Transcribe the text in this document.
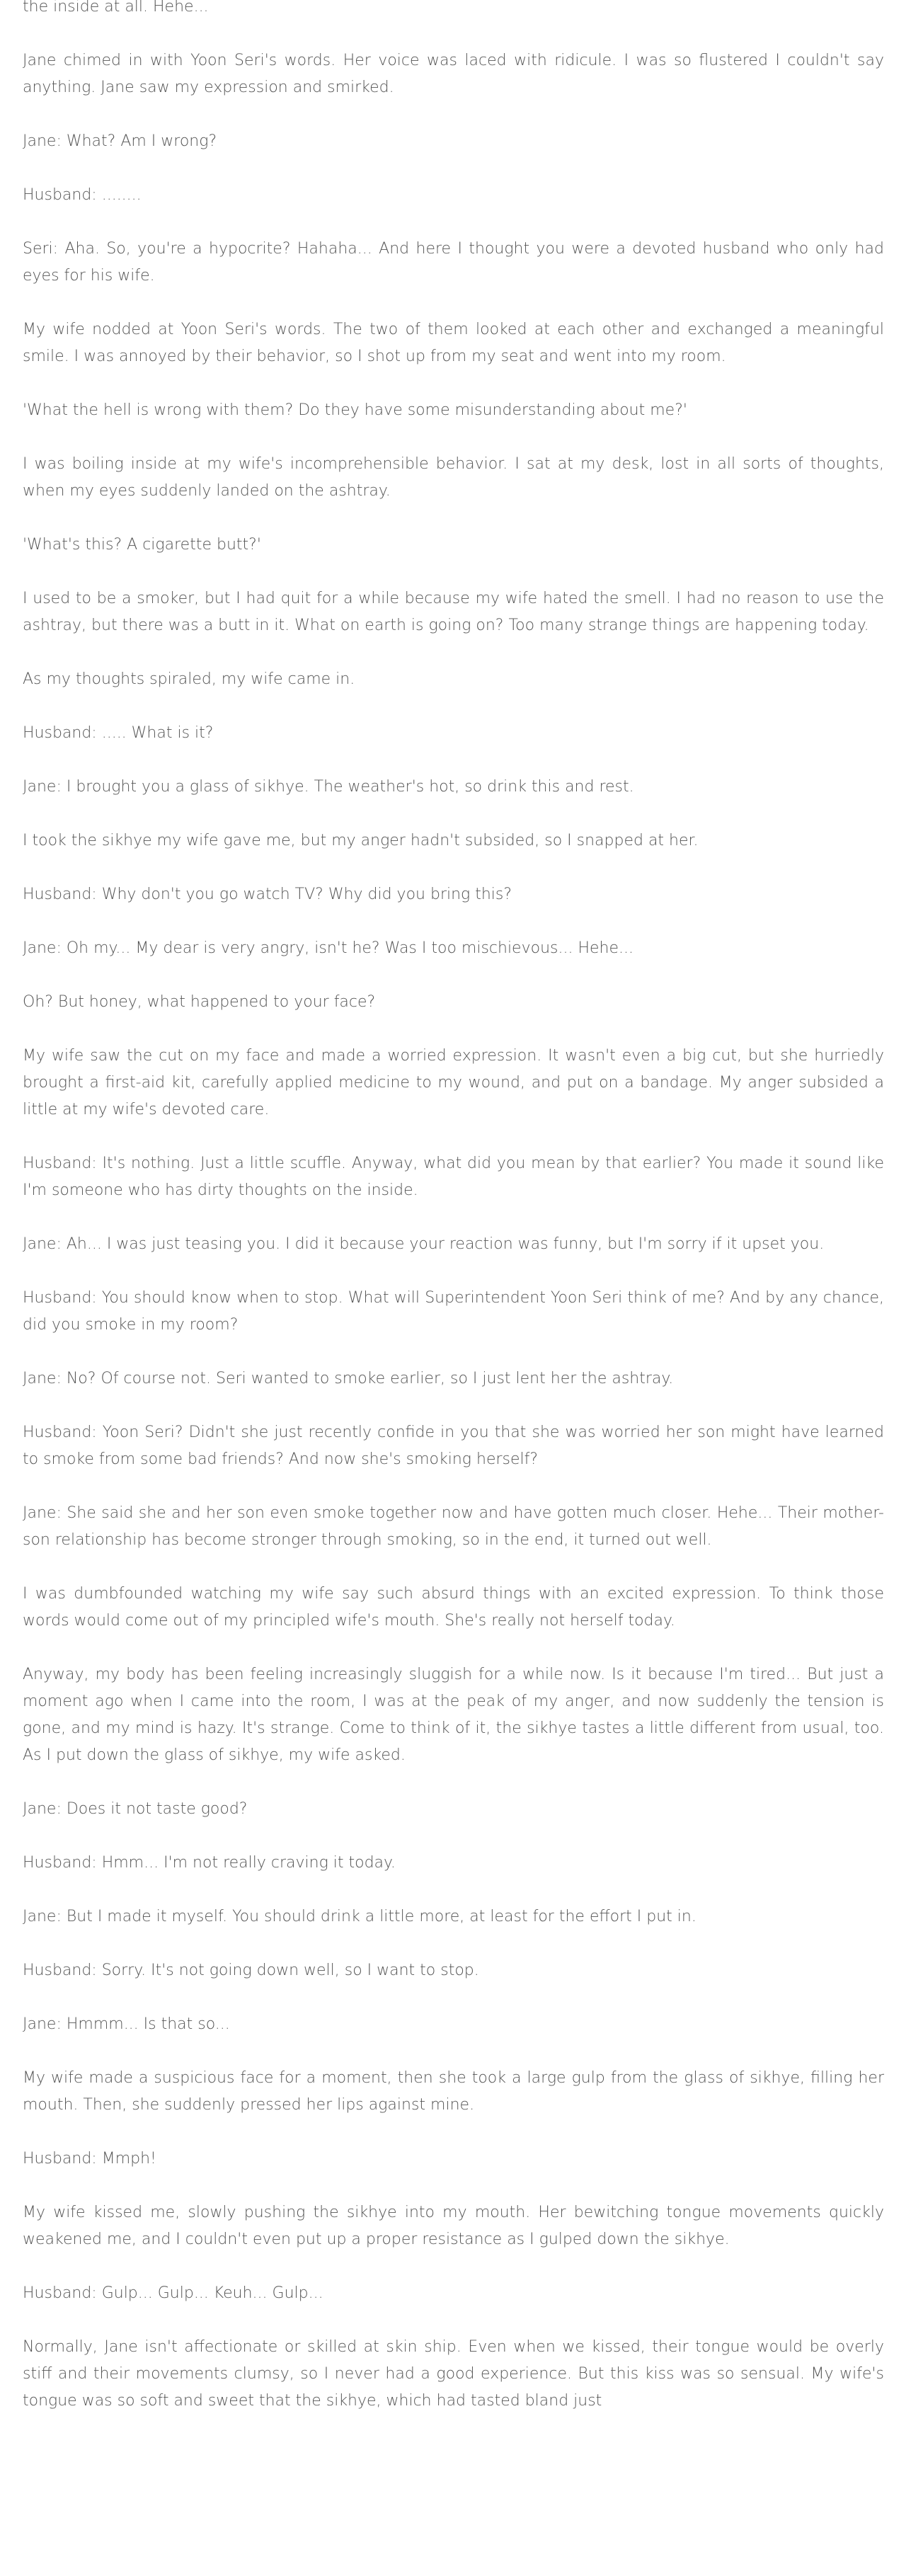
the inside at all. Hehe...

Jane chimed in with Yoon Seri's words. Her voice was laced with ridicule. I was so flustered I couldn't say anything. Jane saw my expression and smirked.

Jane: What? Am I wrong?

Husband: ........

Seri: Aha. So, you're a hypocrite? Hahaha... And here I thought you were a devoted husband who only had eyes for his wife.

My wife nodded at Yoon Seri's words. The two of them looked at each other and exchanged a meaningful smile. I was annoyed by their behavior, so I shot up from my seat and went into my room.

'What the hell is wrong with them? Do they have some misunderstanding about me?'

I was boiling inside at my wife's incomprehensible behavior. I sat at my desk, lost in all sorts of thoughts, when my eyes suddenly landed on the ashtray.

'What's this? A cigarette butt?'

I used to be a smoker, but I had quit for a while because my wife hated the smell. I had no reason to use the ashtray, but there was a butt in it. What on earth is going on? Too many strange things are happening today.

As my thoughts spiraled, my wife came in.

Husband: ..... What is it?

Jane: I brought you a glass of sikhye. The weather's hot, so drink this and rest.

I took the sikhye my wife gave me, but my anger hadn't subsided, so I snapped at her.

Husband: Why don't you go watch TV? Why did you bring this?

Jane: Oh my... My dear is very angry, isn't he? Was I too mischievous... Hehe...

Oh? But honey, what happened to your face?

My wife saw the cut on my face and made a worried expression. It wasn't even a big cut, but she hurriedly brought a first-aid kit, carefully applied medicine to my wound, and put on a bandage. My anger subsided a little at my wife's devoted care.

Husband: It's nothing. Just a little scuffle. Anyway, what did you mean by that earlier? You made it sound like I'm someone who has dirty thoughts on the inside.

Jane: Ah... I was just teasing you. I did it because your reaction was funny, but I'm sorry if it upset you.

Husband: You should know when to stop. What will Superintendent Yoon Seri think of me? And by any chance, did you smoke in my room?

Jane: No? Of course not. Seri wanted to smoke earlier, so I just lent her the ashtray.

Husband: Yoon Seri? Didn't she just recently confide in you that she was worried her son might have learned to smoke from some bad friends? And now she's smoking herself?

Jane: She said she and her son even smoke together now and have gotten much closer. Hehe... Their mother-son relationship has become stronger through smoking, so in the end, it turned out well.

I was dumbfounded watching my wife say such absurd things with an excited expression. To think those words would come out of my principled wife's mouth. She's really not herself today.

Anyway, my body has been feeling increasingly sluggish for a while now. Is it because I'm tired... But just a moment ago when I came into the room, I was at the peak of my anger, and now suddenly the tension is gone, and my mind is hazy. It's strange. Come to think of it, the sikhye tastes a little different from usual, too. As I put down the glass of sikhye, my wife asked.

Jane: Does it not taste good?

Husband: Hmm... I'm not really craving it today.

Jane: But I made it myself. You should drink a little more, at least for the effort I put in.

Husband: Sorry. It's not going down well, so I want to stop.

Jane: Hmmm... Is that so...

My wife made a suspicious face for a moment, then she took a large gulp from the glass of sikhye, filling her mouth. Then, she suddenly pressed her lips against mine.

Husband: Mmph!

My wife kissed me, slowly pushing the sikhye into my mouth. Her bewitching tongue movements quickly weakened me, and I couldn't even put up a proper resistance as I gulped down the sikhye.

Husband: Gulp... Gulp... Keuh... Gulp...

Normally, Jane isn't affectionate or skilled at skin ship. Even when we kissed, their tongue would be overly stiff and their movements clumsy, so I never had a good experience. But this kiss was so sensual. My wife's tongue was so soft and sweet that the sikhye, which had tasted bland just
